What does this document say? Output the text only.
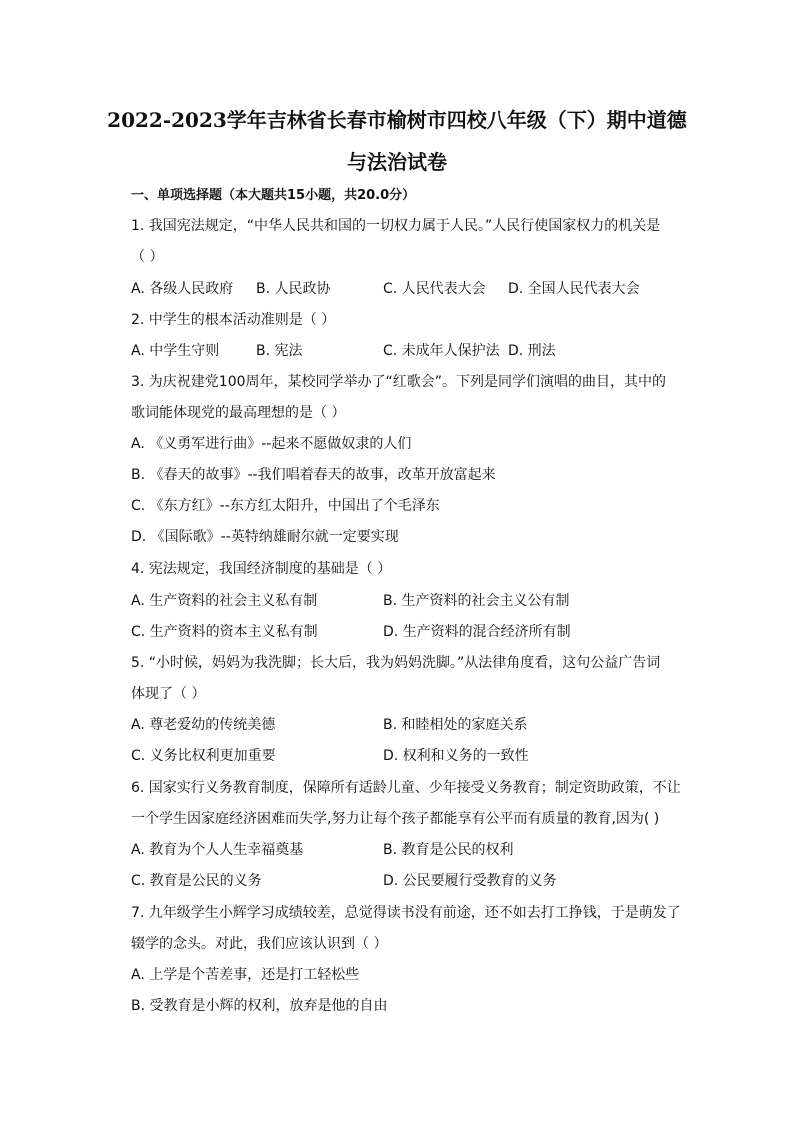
2022-2023学年吉林省长春市榆树市四校八年级（下）期中道德
与法治试卷
一、单项选择题（本大题共15小题，共20.0分）
1. 我国宪法规定，“中华人民共和国的一切权力属于人民。”人民行使国家权力的机关是
（ ）
A. 各级人民政府 B. 人民政协	C. 人民代表大会 D. 全国人民代表大会
2. 中学生的根本活动准则是（ ）
A. 中学生守则	B. 宪法	C. 未成年人保护法 D. 刑法
3. 为庆祝建党100周年，某校同学举办了“红歌会”。下列是同学们演唱的曲目，其中的
歌词能体现党的最高理想的是（ ）
A. 《义勇军进行曲》--起来不愿做奴隶的人们
B. 《春天的故事》--我们唱着春天的故事，改革开放富起来
C. 《东方红》--东方红太阳升，中国出了个毛泽东
D. 《国际歌》--英特纳雄耐尔就一定要实现
4. 宪法规定，我国经济制度的基础是（ ）
A. 生产资料的社会主义私有制	B. 生产资料的社会主义公有制
C. 生产资料的资本主义私有制	D. 生产资料的混合经济所有制
5. “小时候，妈妈为我洗脚；长大后，我为妈妈洗脚。”从法律角度看，这句公益广告词
体现了（ ）
A. 尊老爱幼的传统美德	B. 和睦相处的家庭关系
C. 义务比权利更加重要	D. 权利和义务的一致性
6. 国家实行义务教育制度，保障所有适龄儿童、少年接受义务教育；制定资助政策，不让
一个学生因家庭经济困难而失学,努力让每个孩子都能享有公平而有质量的教育,因为( )
A. 教育为个人人生幸福奠基	B. 教育是公民的权利
C. 教育是公民的义务	D. 公民要履行受教育的义务
7. 九年级学生小辉学习成绩较差，总觉得读书没有前途，还不如去打工挣钱，于是萌发了
辍学的念头。对此，我们应该认识到（ ）
A. 上学是个苦差事，还是打工轻松些
B. 受教育是小辉的权利，放弃是他的自由
